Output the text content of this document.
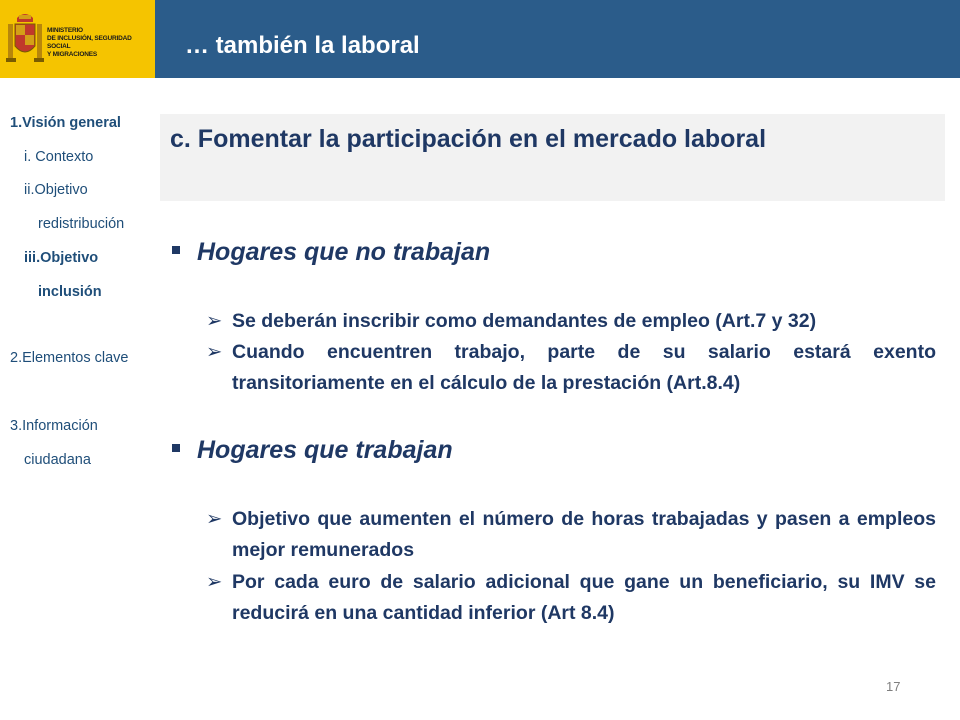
MINISTERIO
DE INCLUSIÓN, SEGURIDAD SOCIAL
Y MIGRACIONES	… también la laboral
1.Visión general
i. Contexto
ii.Objetivo
redistribución
iii.Objetivo
inclusión
2.Elementos clave
3.Información
ciudadana
c. Fomentar la participación en el mercado laboral
Hogares que no trabajan
➢ Se deberán inscribir como demandantes de empleo (Art.7 y 32)
➢ Cuando encuentren trabajo, parte de su salario estará exento transitoriamente en el cálculo de la prestación (Art.8.4)
Hogares que trabajan
➢ Objetivo que aumenten el número de horas trabajadas y pasen a empleos mejor remunerados
➢ Por cada euro de salario adicional que gane un beneficiario, su IMV se reducirá en una cantidad inferior (Art 8.4)
17
